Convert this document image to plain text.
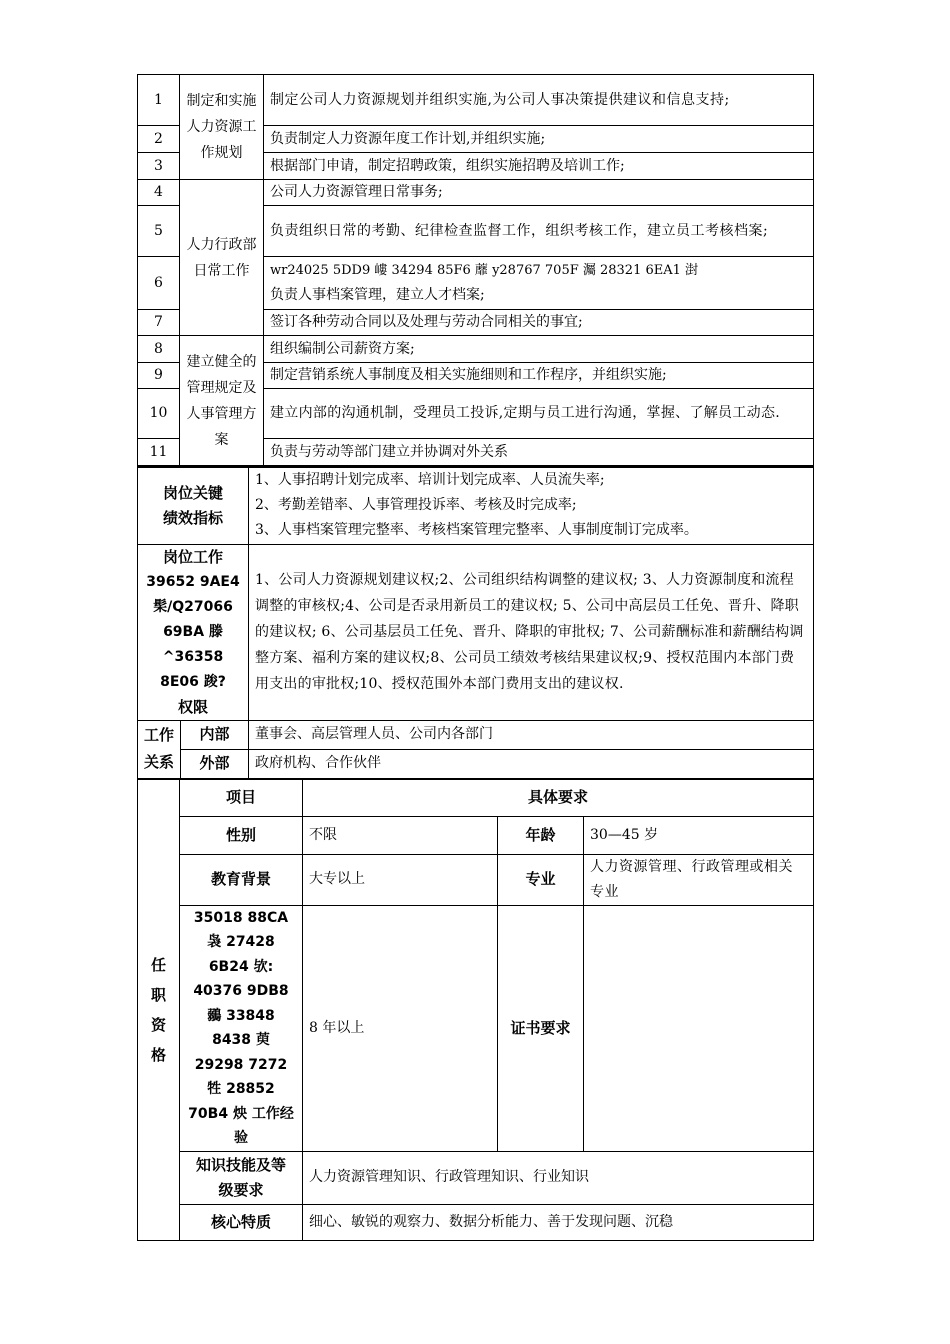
1	制定和实施人力资源工作规划	制定公司人力资源规划并组织实施,为公司人事决策提供建议和信息支持;
2		负责制定人力资源年度工作计划,并组织实施;
3		根据部门申请，制定招聘政策，组织实施招聘及培训工作;
4	人力行政部日常工作	公司人力资源管理日常事务;
5		负责组织日常的考勤、纪律检查监督工作，组织考核工作，建立员工考核档案;
6		wr24025 5DD9 嶁 34294 85F6 蘼 y28767 705F 灟 28321 6EA1 湗
负责人事档案管理，建立人才档案;

7		签订各种劳动合同以及处理与劳动合同相关的事宜;
8	建立健全的管理规定及人事管理方案	组织编制公司薪资方案;
9		制定营销系统人事制度及相关实施细则和工作程序，并组织实施;
10		建立内部的沟通机制，受理员工投诉,定期与员工进行沟通，掌握、了解员工动态.
11		负责与劳动等部门建立并协调对外关系
岗位关键绩效指标		1、人事招聘计划完成率、培训计划完成率、人员流失率;
2、考勤差错率、人事管理投诉率、考核及时完成率;
3、人事档案管理完整率、考核档案管理完整率、人事制度制订完成率。

岗位工作
39652 9AE4 髤/Q27066 69BA 滕 ^36358 8E06 踆?
权限		1、公司人力资源规划建议权;2、公司组织结构调整的建议权; 3、人力资源制度和流程调整的审核权;4、公司是否录用新员工的建议权; 5、公司中高层员工任免、晋升、降职的建议权; 6、公司基层员工任免、晋升、降职的审批权; 7、公司薪酬标准和薪酬结构调整方案、福利方案的建议权;8、公司员工绩效考核结果建议权;9、授权范围内本部门费用支出的审批权;10、授权范围外本部门费用支出的建议权.
工作关系	内部	董事会、高层管理人员、公司内各部门
	外部	政府机构、合作伙伴
任职资格	项目	具体要求		
	性别	不限	年龄	30—45 岁
	教育背景	大专以上	专业	人力资源管理、行政管理或相关专业
	35018 88CA 袅 27428 6B24 欤: 40376 9DB8 鶸 33848 8438 萸 29298 7272 牲 28852 70B4 炴 工作经验	8 年以上	证书要求	
	知识技能及等级要求	人力资源管理知识、行政管理知识、行业知识		
	核心特质	细心、敏锐的观察力、数据分析能力、善于发现问题、沉稳		
